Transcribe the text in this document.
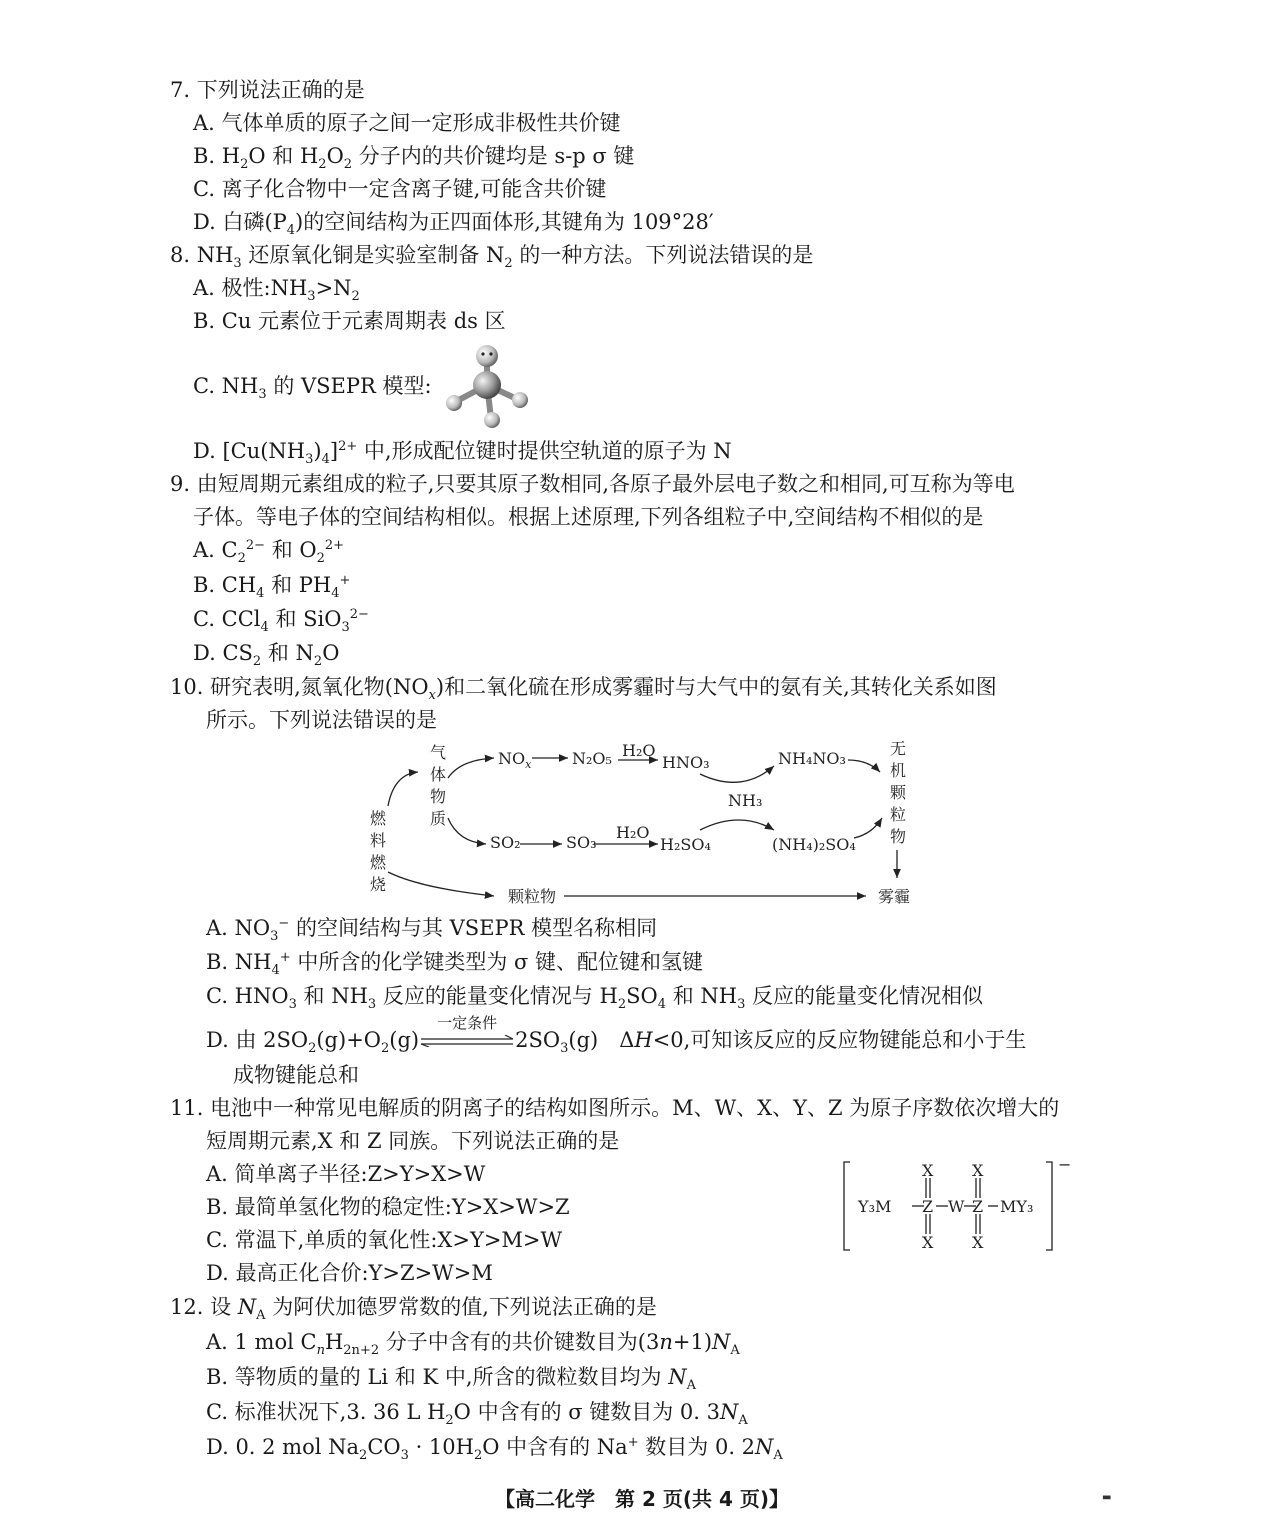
7. 下列说法正确的是
A. 气体单质的原子之间一定形成非极性共价键
B. $H_2O$ 和 $H_2O_2$ 分子内的共价键均是 s-p σ 键
C. 离子化合物中一定含离子键,可能含共价键
D. 白磷$(P_4)$的空间结构为正四面体形,其键角为 109°28′
8. $NH_3$ 还原氧化铜是实验室制备 $N_2$ 的一种方法。下列说法错误的是
A. 极性$:NH_3>N_2$
B. Cu 元素位于元素周期表 ds 区
C. $NH_3$ 的 VSEPR 模型:
D. $[Cu(NH_3)_4]^{2+}$ 中,形成配位键时提供空轨道的原子为 N
9. 由短周期元素组成的粒子,只要其原子数相同,各原子最外层电子数之和相同,可互称为等电
子体。等电子体的空间结构相似。根据上述原理,下列各组粒子中,空间结构不相似的是
A. $C_2^{2-}$ 和 $O_2^{2+}$
B. $CH_4$ 和 $PH_4^+$
C. CCl$_4$ 和 SiO$_3^{2-}$
D. $CS_2$ 和 $N_2O$
10. 研究表明,氮氧化物$(NO_x)$和二氧化硫在形成雾霾时与大气中的氨有关,其转化关系如图
所示。下列说法错误的是
燃
料
燃
烧
气
体
物
质
$NO_x$	N₂O₅ H₂O
HNO₃	NH₄NO₃
NH₃
无
机
颗
粒
物
SO₂	SO₃
H₂O
H₂SO₄	(NH₄)₂SO₄
颗粒物	雾霾
A. $NO_3^-$ 的空间结构与其 VSEPR 模型名称相同
B. $NH_4^+$ 中所含的化学键类型为 σ 键、配位键和氢键
C. $HNO_3$ 和 $NH_3$ 反应的能量变化情况与 $H_2SO_4$ 和 $NH_3$ 反应的能量变化情况相似
D. 由 $2SO_2(g)+O_2(g)$
一定条件
$2SO_3(g)$　ΔH<0,可知该反应的反应物键能总和小于生
成物键能总和
11. 电池中一种常见电解质的阴离子的结构如图所示。M、W、X、Y、Z 为原子序数依次增大的
短周期元素,X 和 Z 同族。下列说法正确的是
A. 简单离子半径:Z>Y>X>W
B. 最简单氢化物的稳定性:Y>X>W>Z
C. 常温下,单质的氧化性:X>Y>M>W
D. 最高正化合价:Y>Z>W>M
X X
Y₃M Z W Z MY₃
X X
−
12. 设 $N_A$ 为阿伏加德罗常数的值,下列说法正确的是
A. 1 mol $C_nH_{2n+2}$ 分子中含有的共价键数目为$(3n+1)N_A$
B. 等物质的量的 Li 和 K 中,所含的微粒数目均为 $N_A$
C. 标准状况下,3. 36 L $H_2O$ 中含有的 σ 键数目为 0. $3N_A$
D. 0. 2 mol $Na_2CO_3 \cdot 10H_2O$ 中含有的 Na+ 数目为 0. $2N_A$
【高二化学　第 2 页(共 4 页)】	▬
